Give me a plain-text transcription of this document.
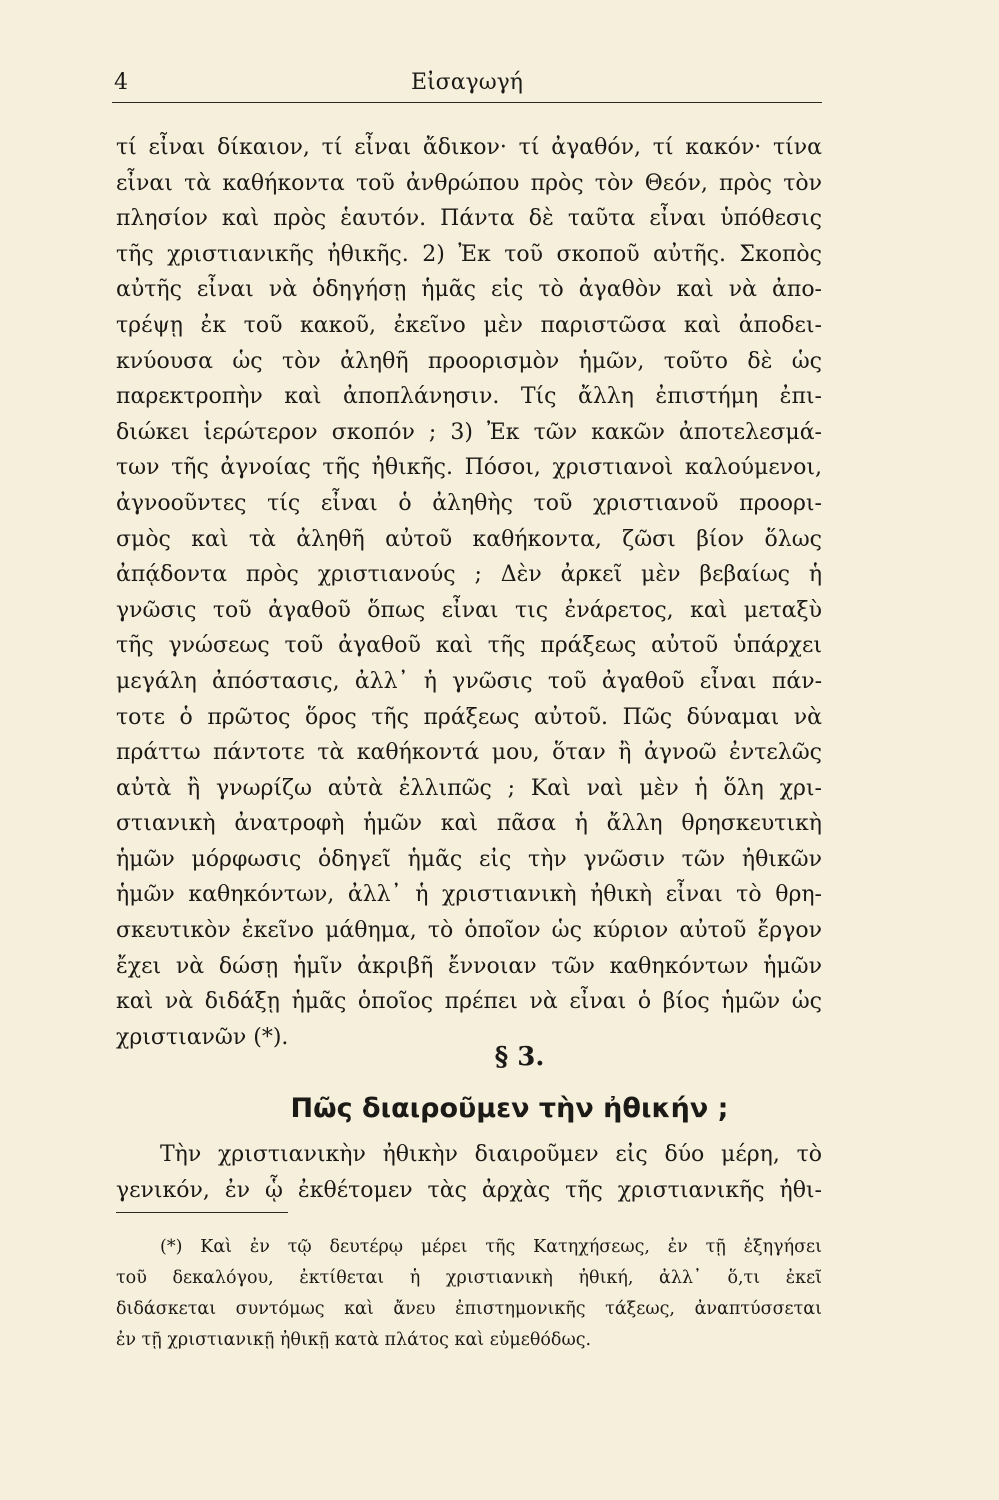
4	Εἰσαγωγή
τί εἶναι δίκαιον, τί εἶναι ἄδικον· τί ἀγαθόν, τί κακόν· τίνα
εἶναι τὰ καθήκοντα τοῦ ἀνθρώπου πρὸς τὸν Θεόν, πρὸς τὸν
πλησίον καὶ πρὸς ἑαυτόν. Πάντα δὲ ταῦτα εἶναι ὑπόθεσις
τῆς χριστιανικῆς ἠθικῆς. 2) Ἐκ τοῦ σκοποῦ αὐτῆς. Σκοπὸς
αὐτῆς εἶναι νὰ ὁδηγήσῃ ἡμᾶς εἰς τὸ ἀγαθὸν καὶ νὰ ἀπο-
τρέψῃ ἐκ τοῦ κακοῦ, ἐκεῖνο μὲν παριστῶσα καὶ ἀποδει-
κνύουσα ὡς τὸν ἀληθῆ προορισμὸν ἡμῶν, τοῦτο δὲ ὡς
παρεκτροπὴν καὶ ἀποπλάνησιν. Τίς ἄλλη ἐπιστήμη ἐπι-
διώκει ἱερώτερον σκοπόν ; 3) Ἐκ τῶν κακῶν ἀποτελεσμά-
των τῆς ἀγνοίας τῆς ἠθικῆς. Πόσοι, χριστιανοὶ καλούμενοι,
ἀγνοοῦντες τίς εἶναι ὁ ἀληθὴς τοῦ χριστιανοῦ προορι-
σμὸς καὶ τὰ ἀληθῆ αὐτοῦ καθήκοντα, ζῶσι βίον ὅλως
ἀπᾴδοντα πρὸς χριστιανούς ; Δὲν ἀρκεῖ μὲν βεβαίως ἡ
γνῶσις τοῦ ἀγαθοῦ ὅπως εἶναι τις ἐνάρετος, καὶ μεταξὺ
τῆς γνώσεως τοῦ ἀγαθοῦ καὶ τῆς πράξεως αὐτοῦ ὑπάρχει
μεγάλη ἀπόστασις, ἀλλ᾿ ἡ γνῶσις τοῦ ἀγαθοῦ εἶναι πάν-
τοτε ὁ πρῶτος ὅρος τῆς πράξεως αὐτοῦ. Πῶς δύναμαι νὰ
πράττω πάντοτε τὰ καθήκοντά μου, ὅταν ἢ ἀγνοῶ ἐντελῶς
αὐτὰ ἢ γνωρίζω αὐτὰ ἐλλιπῶς ; Καὶ ναὶ μὲν ἡ ὅλη χρι-
στιανικὴ ἀνατροφὴ ἡμῶν καὶ πᾶσα ἡ ἄλλη θρησκευτικὴ
ἡμῶν μόρφωσις ὁδηγεῖ ἡμᾶς εἰς τὴν γνῶσιν τῶν ἠθικῶν
ἡμῶν καθηκόντων, ἀλλ᾿ ἡ χριστιανικὴ ἠθικὴ εἶναι τὸ θρη-
σκευτικὸν ἐκεῖνο μάθημα, τὸ ὁποῖον ὡς κύριον αὐτοῦ ἔργον
ἔχει νὰ δώσῃ ἡμῖν ἀκριβῆ ἔννοιαν τῶν καθηκόντων ἡμῶν
καὶ νὰ διδάξῃ ἡμᾶς ὁποῖος πρέπει νὰ εἶναι ὁ βίος ἡμῶν ὡς
χριστιανῶν (*).
§ 3.
Πῶς διαιροῦμεν τὴν ἠθικήν ;
Τὴν χριστιανικὴν ἠθικὴν διαιροῦμεν εἰς δύο μέρη, τὸ
γενικόν, ἐν ᾧ ἐκθέτομεν τὰς ἀρχὰς τῆς χριστιανικῆς ἠθι-
(*) Καὶ ἐν τῷ δευτέρῳ μέρει τῆς Κατηχήσεως, ἐν τῇ ἐξηγήσει
τοῦ δεκαλόγου, ἐκτίθεται ἡ χριστιανικὴ ἠθική, ἀλλ᾿ ὅ,τι ἐκεῖ
διδάσκεται συντόμως καὶ ἄνευ ἐπιστημονικῆς τάξεως, ἀναπτύσσεται
ἐν τῇ χριστιανικῇ ἠθικῇ κατὰ πλάτος καὶ εὐμεθόδως.
